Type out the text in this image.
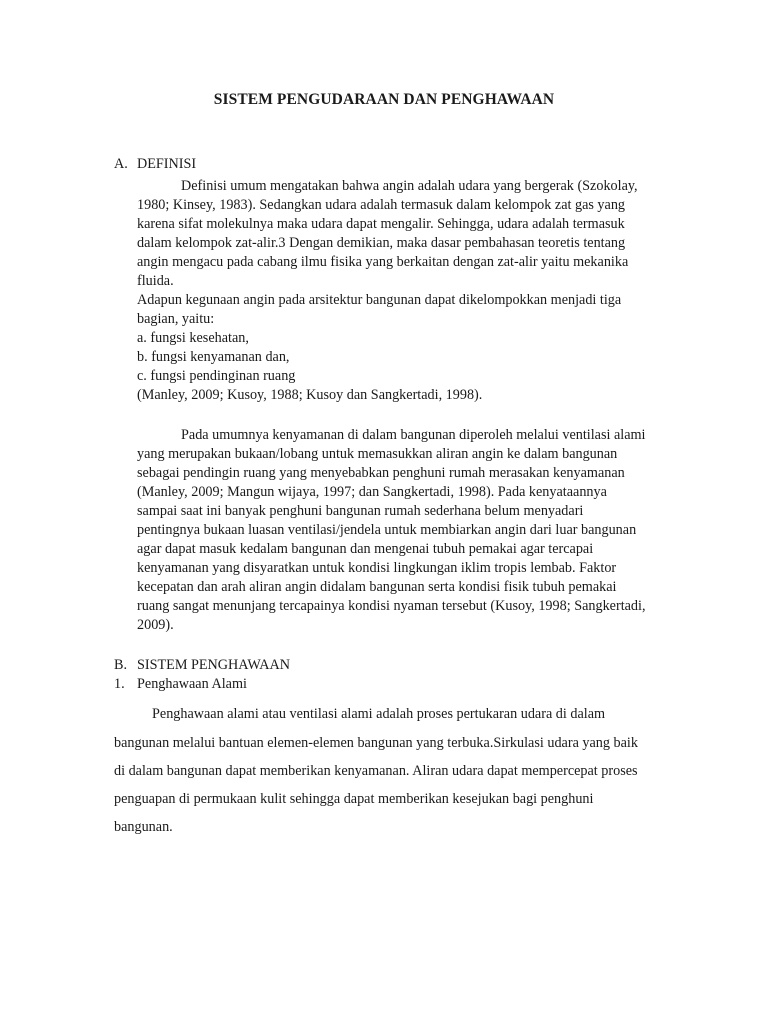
SISTEM PENGUDARAAN DAN PENGHAWAAN
A. DEFINISI
Definisi umum mengatakan bahwa angin adalah udara yang bergerak (Szokolay,
1980; Kinsey, 1983). Sedangkan udara adalah termasuk dalam kelompok zat gas yang
karena sifat molekulnya maka udara dapat mengalir. Sehingga, udara adalah termasuk
dalam kelompok zat-alir.3 Dengan demikian, maka dasar pembahasan teoretis tentang
angin mengacu pada cabang ilmu fisika yang berkaitan dengan zat-alir yaitu mekanika
fluida.
Adapun kegunaan angin pada arsitektur bangunan dapat dikelompokkan menjadi tiga
bagian, yaitu:
a. fungsi kesehatan,
b. fungsi kenyamanan dan,
c. fungsi pendinginan ruang
(Manley, 2009; Kusoy, 1988; Kusoy dan Sangkertadi, 1998).
Pada umumnya kenyamanan di dalam bangunan diperoleh melalui ventilasi alami
yang merupakan bukaan/lobang untuk memasukkan aliran angin ke dalam bangunan
sebagai pendingin ruang yang menyebabkan penghuni rumah merasakan kenyamanan
(Manley, 2009; Mangun wijaya, 1997; dan Sangkertadi, 1998). Pada kenyataannya
sampai saat ini banyak penghuni bangunan rumah sederhana belum menyadari
pentingnya bukaan luasan ventilasi/jendela untuk membiarkan angin dari luar bangunan
agar dapat masuk kedalam bangunan dan mengenai tubuh pemakai agar tercapai
kenyamanan yang disyaratkan untuk kondisi lingkungan iklim tropis lembab. Faktor
kecepatan dan arah aliran angin didalam bangunan serta kondisi fisik tubuh pemakai
ruang sangat menunjang tercapainya kondisi nyaman tersebut (Kusoy, 1998; Sangkertadi,
2009).
B. SISTEM PENGHAWAAN
1. Penghawaan Alami
Penghawaan alami atau ventilasi alami adalah proses pertukaran udara di dalam
bangunan melalui bantuan elemen-elemen bangunan yang terbuka.Sirkulasi udara yang baik
di dalam bangunan dapat memberikan kenyamanan. Aliran udara dapat mempercepat proses
penguapan di permukaan kulit sehingga dapat memberikan kesejukan bagi penghuni
bangunan.
